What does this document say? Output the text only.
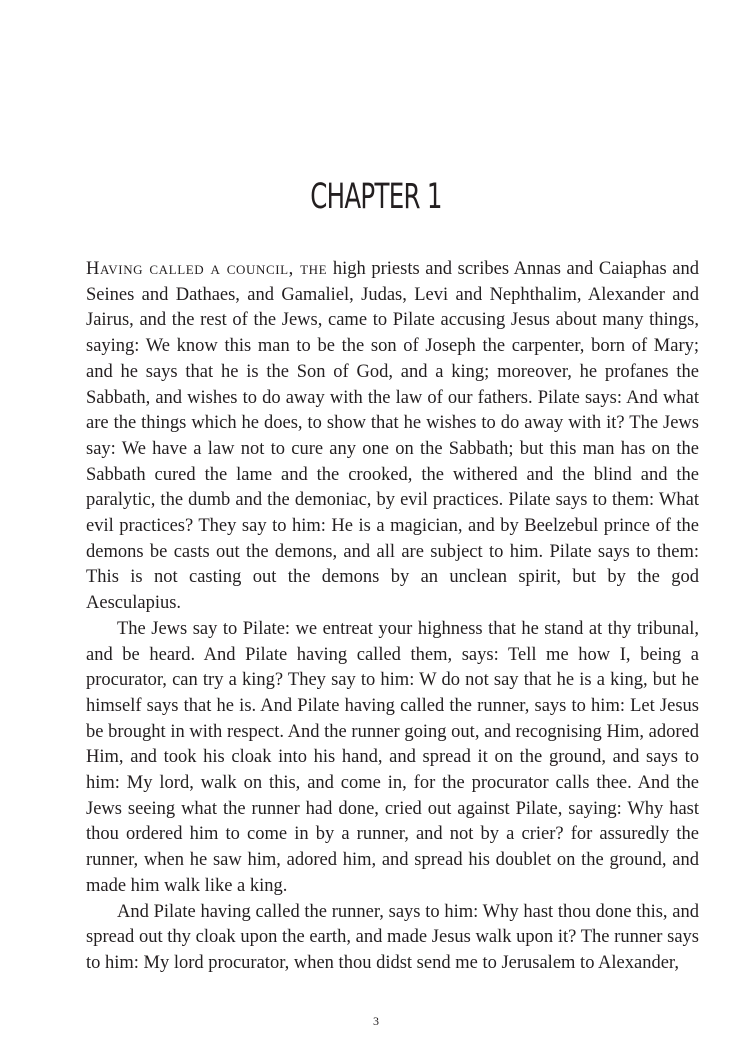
CHAPTER 1

Having called a council, the high priests and scribes Annas and Caiaphas and Seines and Dathaes, and Gamaliel, Judas, Levi and Nephthalim, Alexander and Jairus, and the rest of the Jews, came to Pilate accusing Jesus about many things, saying: We know this man to be the son of Joseph the carpenter, born of Mary; and he says that he is the Son of God, and a king; moreover, he profanes the Sabbath, and wishes to do away with the law of our fathers. Pilate says: And what are the things which he does, to show that he wishes to do away with it? The Jews say: We have a law not to cure any one on the Sabbath; but this man has on the Sabbath cured the lame and the crooked, the withered and the blind and the paralytic, the dumb and the demoniac, by evil practices. Pilate says to them: What evil practices? They say to him: He is a magician, and by Beelzebul prince of the demons be casts out the demons, and all are subject to him. Pilate says to them: This is not casting out the demons by an unclean spirit, but by the god Aesculapius.

The Jews say to Pilate: we entreat your highness that he stand at thy tribunal, and be heard. And Pilate having called them, says: Tell me how I, being a procurator, can try a king? They say to him: W do not say that he is a king, but he himself says that he is. And Pilate having called the runner, says to him: Let Jesus be brought in with respect. And the runner going out, and recognising Him, adored Him, and took his cloak into his hand, and spread it on the ground, and says to him: My lord, walk on this, and come in, for the procurator calls thee. And the Jews seeing what the runner had done, cried out against Pilate, saying: Why hast thou ordered him to come in by a runner, and not by a crier? for assuredly the runner, when he saw him, adored him, and spread his doublet on the ground, and made him walk like a king.

And Pilate having called the runner, says to him: Why hast thou done this, and spread out thy cloak upon the earth, and made Jesus walk upon it? The runner says to him: My lord procurator, when thou didst send me to Jerusalem to Alexander,

3
